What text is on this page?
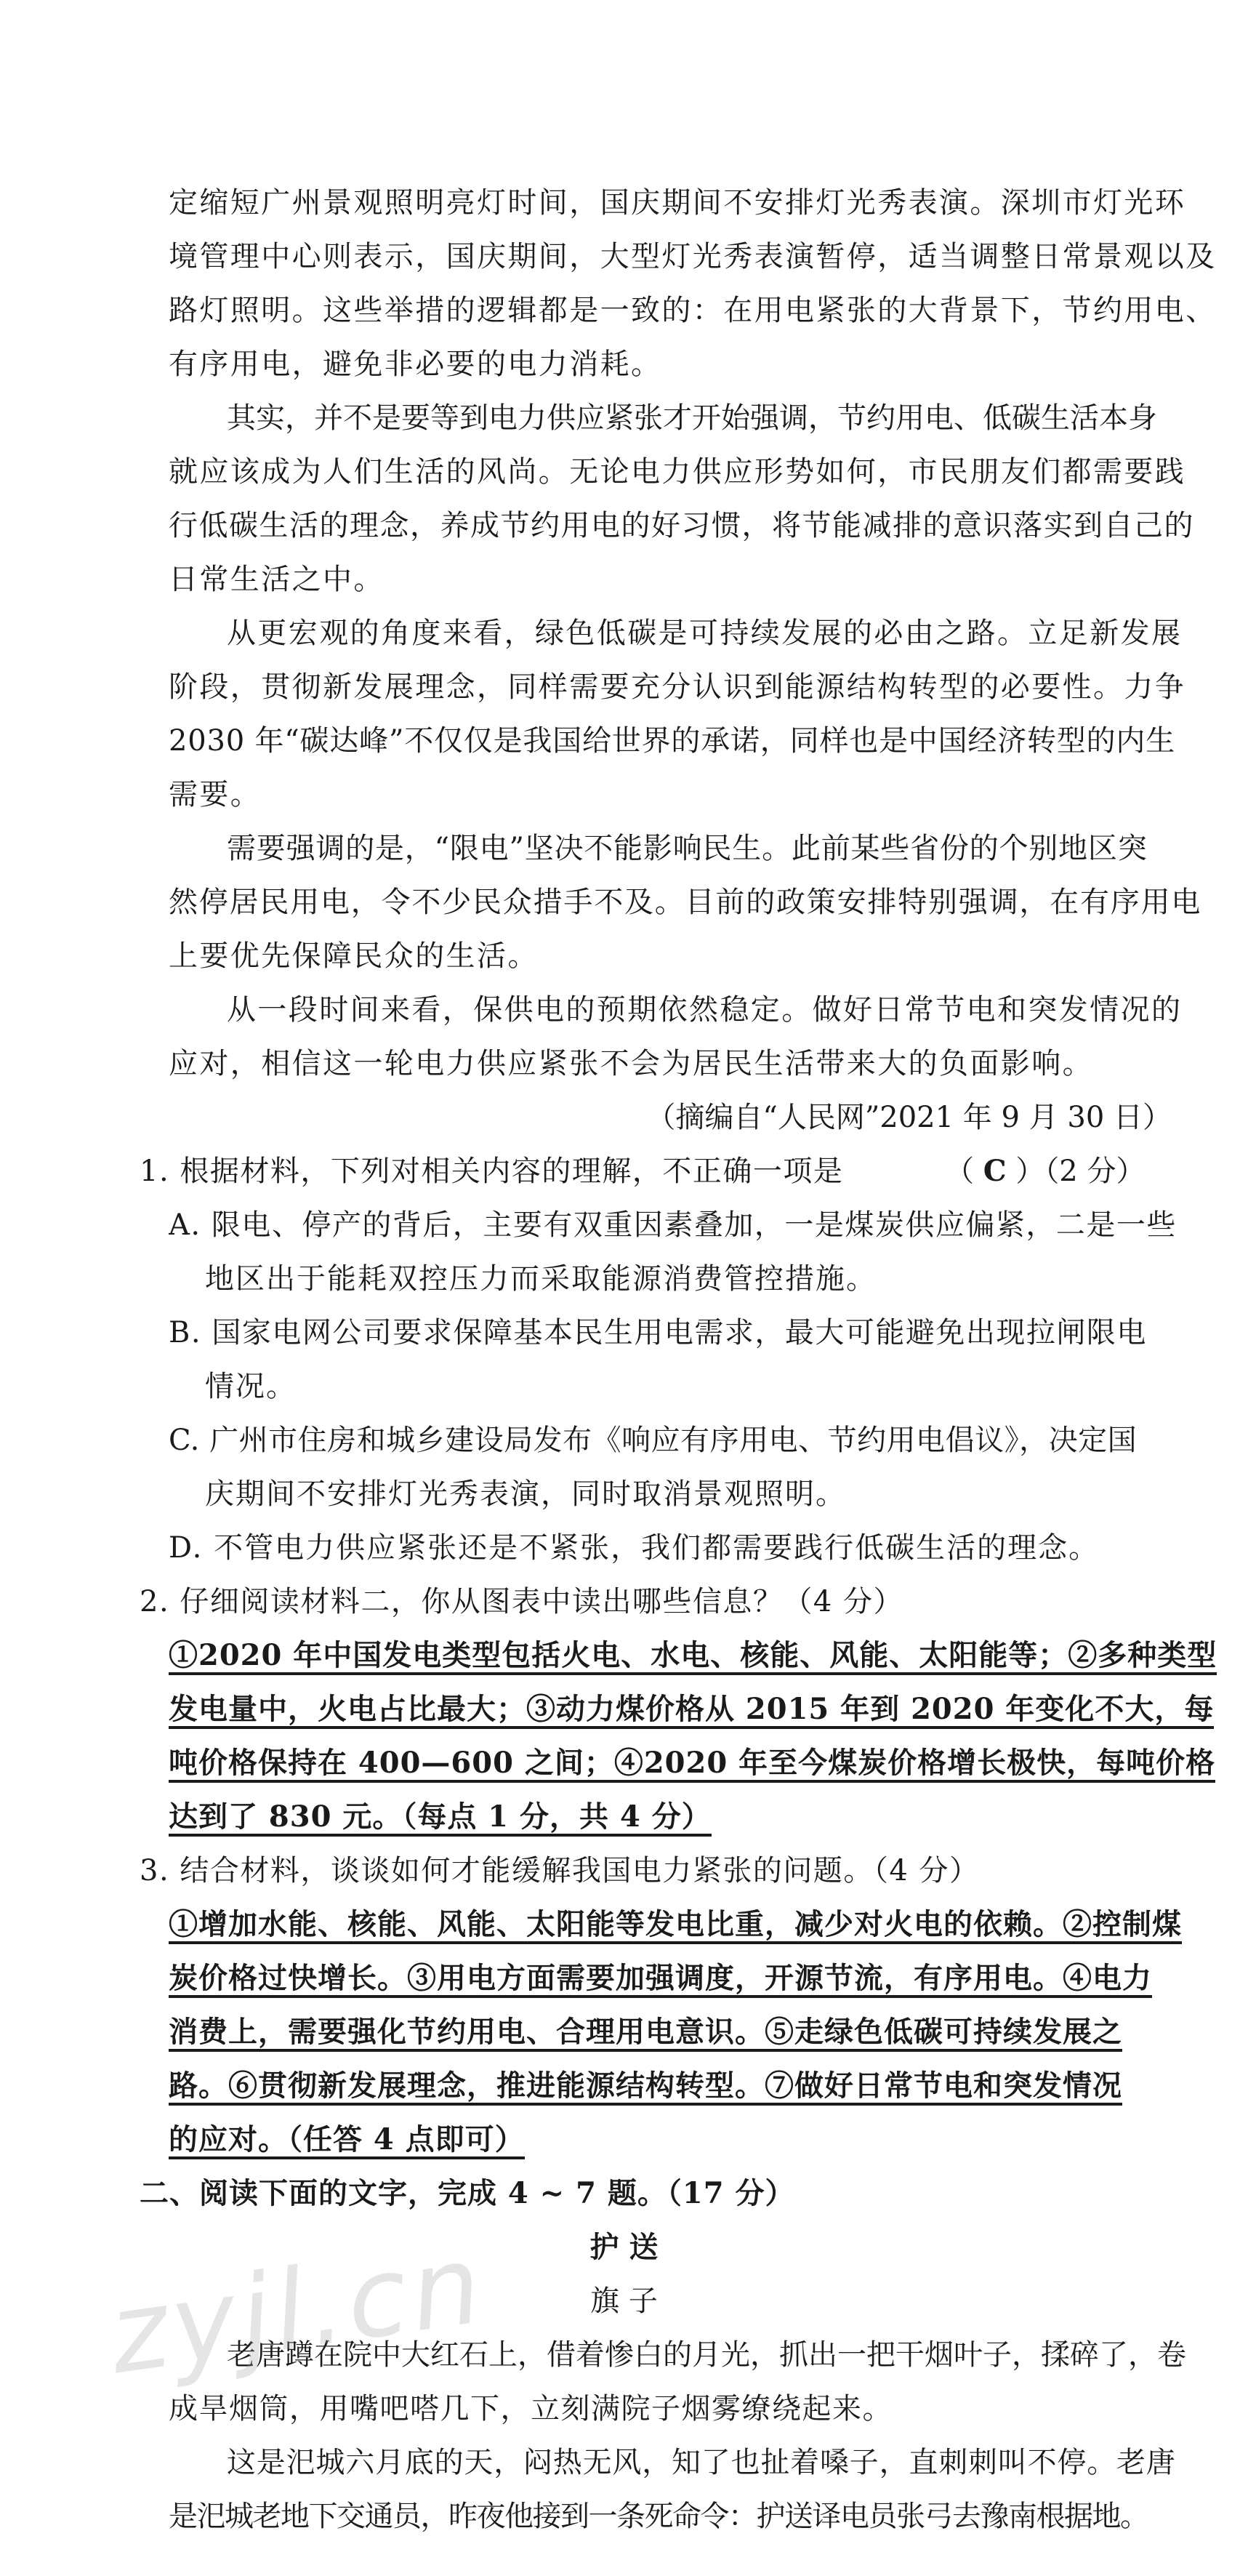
定缩短广州景观照明亮灯时间，国庆期间不安排灯光秀表演。深圳市灯光环
境管理中心则表示，国庆期间，大型灯光秀表演暂停，适当调整日常景观以及
路灯照明。这些举措的逻辑都是一致的：在用电紧张的大背景下，节约用电、
有序用电，避免非必要的电力消耗。
其实，并不是要等到电力供应紧张才开始强调，节约用电、低碳生活本身
就应该成为人们生活的风尚。无论电力供应形势如何，市民朋友们都需要践
行低碳生活的理念，养成节约用电的好习惯，将节能减排的意识落实到自己的
日常生活之中。
从更宏观的角度来看，绿色低碳是可持续发展的必由之路。立足新发展
阶段，贯彻新发展理念，同样需要充分认识到能源结构转型的必要性。力争
2030 年“碳达峰”不仅仅是我国给世界的承诺，同样也是中国经济转型的内生
需要。
需要强调的是，“限电”坚决不能影响民生。此前某些省份的个别地区突
然停居民用电，令不少民众措手不及。目前的政策安排特别强调，在有序用电
上要优先保障民众的生活。
从一段时间来看，保供电的预期依然稳定。做好日常节电和突发情况的
应对，相信这一轮电力供应紧张不会为居民生活带来大的负面影响。
（摘编自“人民网”2021 年 9 月 30 日）
1. 根据材料，下列对相关内容的理解，不正确一项是	（ C ）（2 分）
A. 限电、停产的背后，主要有双重因素叠加，一是煤炭供应偏紧，二是一些
地区出于能耗双控压力而采取能源消费管控措施。
B. 国家电网公司要求保障基本民生用电需求，最大可能避免出现拉闸限电
情况。
C. 广州市住房和城乡建设局发布《响应有序用电、节约用电倡议》，决定国
庆期间不安排灯光秀表演，同时取消景观照明。
D. 不管电力供应紧张还是不紧张，我们都需要践行低碳生活的理念。
2. 仔细阅读材料二，你从图表中读出哪些信息？（4 分）
①2020 年中国发电类型包括火电、水电、核能、风能、太阳能等；②多种类型
发电量中，火电占比最大；③动力煤价格从 2015 年到 2020 年变化不大，每
吨价格保持在 400—600 之间；④2020 年至今煤炭价格增长极快，每吨价格
达到了 830 元。（每点 1 分，共 4 分）
3. 结合材料，谈谈如何才能缓解我国电力紧张的问题。（4 分）
①增加水能、核能、风能、太阳能等发电比重，减少对火电的依赖。②控制煤
炭价格过快增长。③用电方面需要加强调度，开源节流，有序用电。④电力
消费上，需要强化节约用电、合理用电意识。⑤走绿色低碳可持续发展之
路。⑥贯彻新发展理念，推进能源结构转型。⑦做好日常节电和突发情况
的应对。（任答 4 点即可）
二、阅读下面的文字，完成 4 ~ 7 题。（17 分）
护 送
旗 子
老唐蹲在院中大红石上，借着惨白的月光，抓出一把干烟叶子，揉碎了，卷
成旱烟筒，用嘴吧嗒几下，立刻满院子烟雾缭绕起来。
这是汜城六月底的天，闷热无风，知了也扯着嗓子，直刺刺叫不停。老唐
是汜城老地下交通员，昨夜他接到一条死命令：护送译电员张弓去豫南根据地。
zyjl.cn
